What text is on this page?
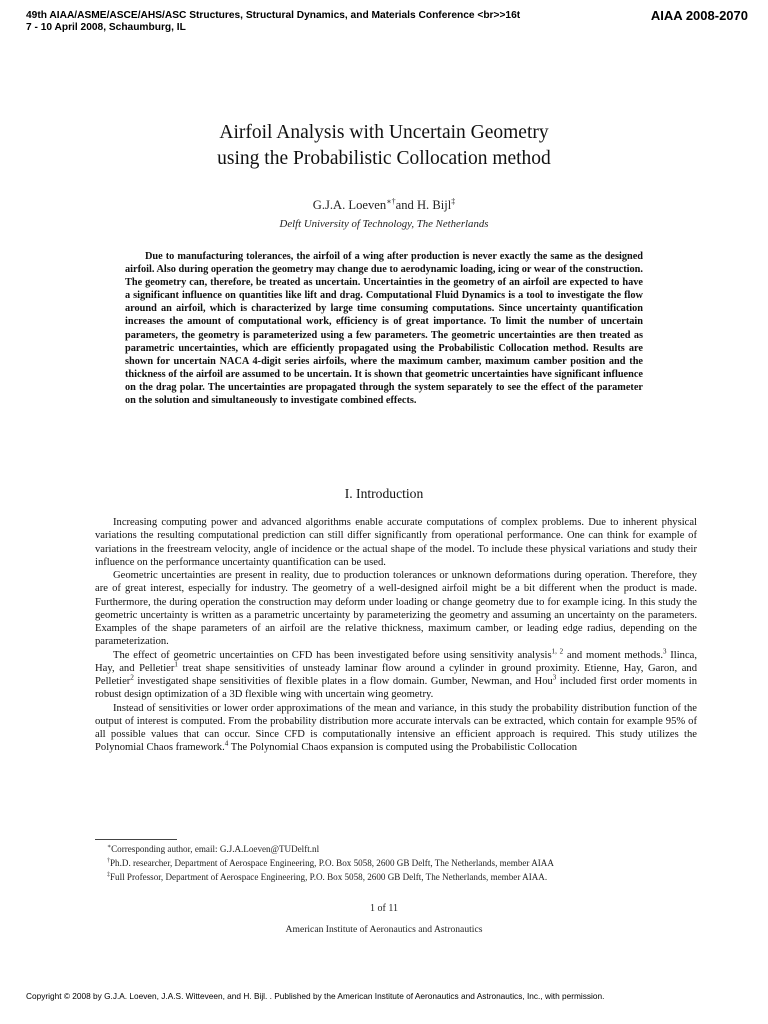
49th AIAA/ASME/ASCE/AHS/ASC Structures, Structural Dynamics, and Materials Conference <br>>16t
7 - 10 April 2008, Schaumburg, IL
AIAA 2008-2070
Airfoil Analysis with Uncertain Geometry
using the Probabilistic Collocation method
G.J.A. Loeven∗†and H. Bijl‡
Delft University of Technology, The Netherlands

Due to manufacturing tolerances, the airfoil of a wing after production is never exactly the same as the designed airfoil. Also during operation the geometry may change due to aerodynamic loading, icing or wear of the construction. The geometry can, therefore, be treated as uncertain. Uncertainties in the geometry of an airfoil are expected to have a significant influence on quantities like lift and drag. Computational Fluid Dynamics is a tool to investigate the flow around an airfoil, which is characterized by large time consuming computations. Since uncertainty quantification increases the amount of computational work, efficiency is of great importance. To limit the number of uncertain parameters, the geometry is parameterized using a few parameters. The geometric uncertainties are then treated as parametric uncertainties, which are efficiently propagated using the Probabilistic Collocation method. Results are shown for uncertain NACA 4-digit series airfoils, where the maximum camber, maximum camber position and the thickness of the airfoil are assumed to be uncertain. It is shown that geometric uncertainties have significant influence on the drag polar. The uncertainties are propagated through the system separately to see the effect of the parameter on the solution and simultaneously to investigate combined effects.

I. Introduction

Increasing computing power and advanced algorithms enable accurate computations of complex problems. Due to inherent physical variations the resulting computational prediction can still differ significantly from operational performance. One can think for example of variations in the freestream velocity, angle of incidence or the actual shape of the model. To include these physical variations and study their influence on the performance uncertainty quantification can be used.

Geometric uncertainties are present in reality, due to production tolerances or unknown deformations during operation. Therefore, they are of great interest, especially for industry. The geometry of a well-designed airfoil might be a bit different when the product is made. Furthermore, the during operation the construction may deform under loading or change geometry due to for example icing. In this study the geometric uncertainty is written as a parametric uncertainty by parameterizing the geometry and assuming an uncertainty on the parameters. Examples of the shape parameters of an airfoil are the relative thickness, maximum camber, or leading edge radius, depending on the parameterization.

The effect of geometric uncertainties on CFD has been investigated before using sensitivity analysis$^{1, 2}$ and moment methods.$^3$ Ilinca, Hay, and Pelletier$^1$ treat shape sensitivities of unsteady laminar flow around a cylinder in ground proximity. Etienne, Hay, Garon, and Pelletier$^2$ investigated shape sensitivities of flexible plates in a flow domain. Gumber, Newman, and Hou$^3$ included first order moments in robust design optimization of a 3D flexible wing with uncertain wing geometry.

Instead of sensitivities or lower order approximations of the mean and variance, in this study the probability distribution function of the output of interest is computed. From the probability distribution more accurate intervals can be extracted, which contain for example 95% of all possible values that can occur. Since CFD is computationally intensive an efficient approach is required. This study utilizes the Polynomial Chaos framework.$^4$ The Polynomial Chaos expansion is computed using the Probabilistic Collocation

∗Corresponding author, email: G.J.A.Loeven@TUDelft.nl
†Ph.D. researcher, Department of Aerospace Engineering, P.O. Box 5058, 2600 GB Delft, The Netherlands, member AIAA
‡Full Professor, Department of Aerospace Engineering, P.O. Box 5058, 2600 GB Delft, The Netherlands, member AIAA.
1 of 11
American Institute of Aeronautics and Astronautics
Copyright © 2008 by G.J.A. Loeven, J.A.S. Witteveen, and H. Bijl. . Published by the American Institute of Aeronautics and Astronautics, Inc., with permission.
